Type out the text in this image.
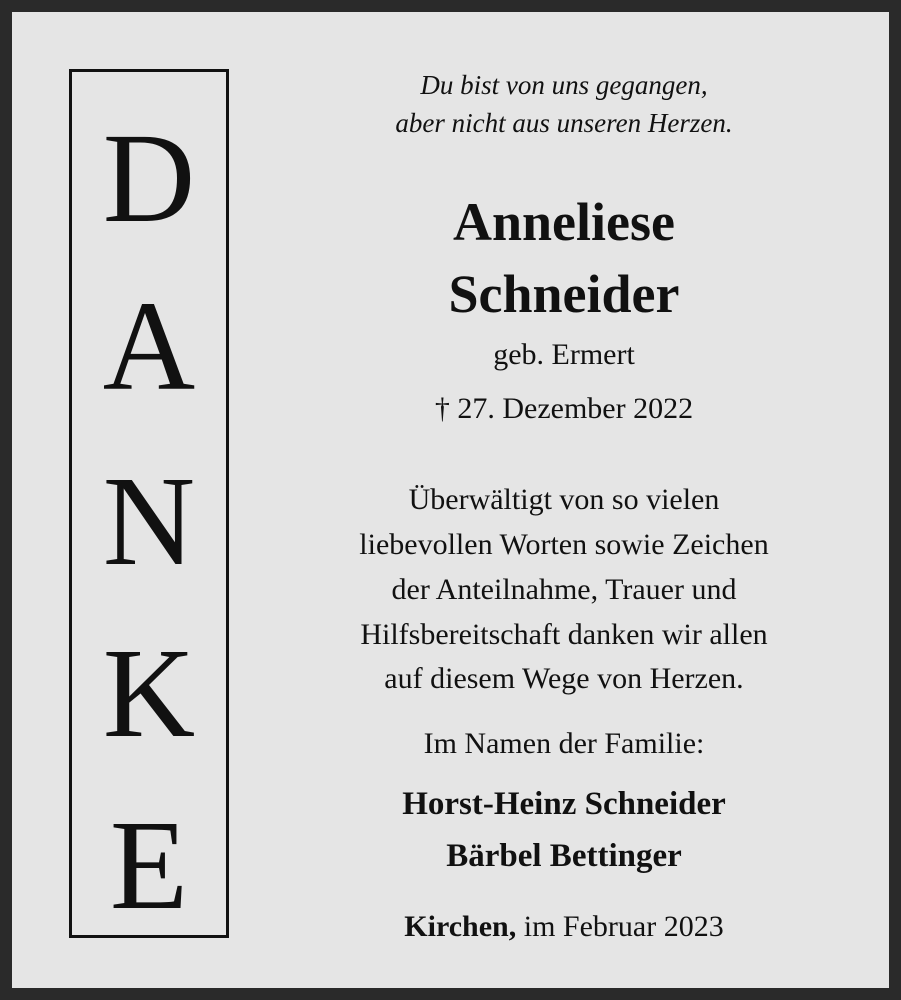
D
A
N
K
E
Du bist von uns gegangen,
aber nicht aus unseren Herzen.
Anneliese
Schneider
geb. Ermert
† 27. Dezember 2022
Überwältigt von so vielen
liebevollen Worten sowie Zeichen
der Anteilnahme, Trauer und
Hilfsbereitschaft danken wir allen
auf diesem Wege von Herzen.
Im Namen der Familie:
Horst-Heinz Schneider
Bärbel Bettinger
Kirchen, im Februar 2023
